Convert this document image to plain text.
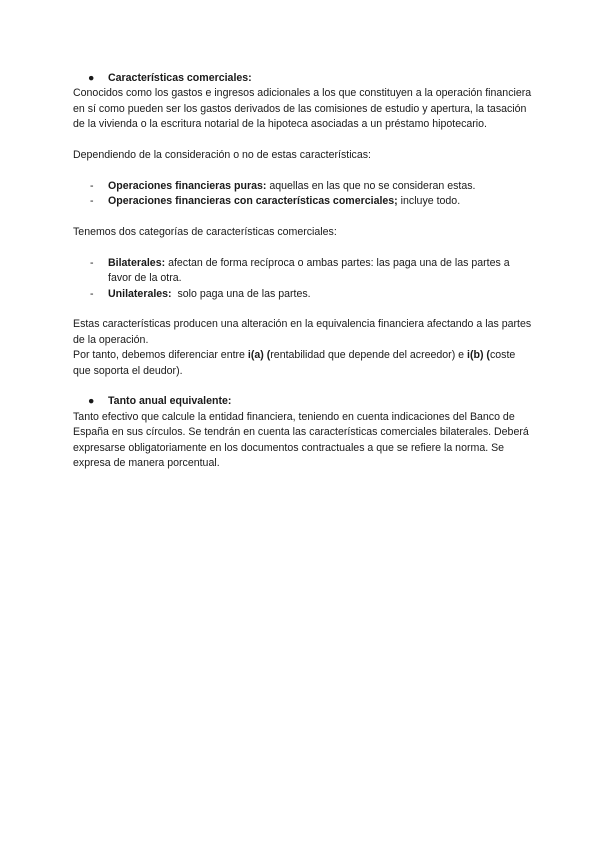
● Características comerciales:

Conocidos como los gastos e ingresos adicionales a los que constituyen a la operación financiera en sí como pueden ser los gastos derivados de las comisiones de estudio y apertura, la tasación de la vivienda o la escritura notarial de la hipoteca asociadas a un préstamo hipotecario.

Dependiendo de la consideración o no de estas características:

- Operaciones financieras puras: aquellas en las que no se consideran estas.
- Operaciones financieras con características comerciales; incluye todo.

Tenemos dos categorías de características comerciales:

- Bilaterales: afectan de forma recíproca o ambas partes: las paga una de las partes a favor de la otra.
- Unilaterales:  solo paga una de las partes.

Estas características producen una alteración en la equivalencia financiera afectando a las partes de la operación.

Por tanto, debemos diferenciar entre i(a) (rentabilidad que depende del acreedor) e i(b) (coste que soporta el deudor).

● Tanto anual equivalente:

Tanto efectivo que calcule la entidad financiera, teniendo en cuenta indicaciones del Banco de España en sus círculos. Se tendrán en cuenta las características comerciales bilaterales. Deberá expresarse obligatoriamente en los documentos contractuales a que se refiere la norma. Se expresa de manera porcentual.
